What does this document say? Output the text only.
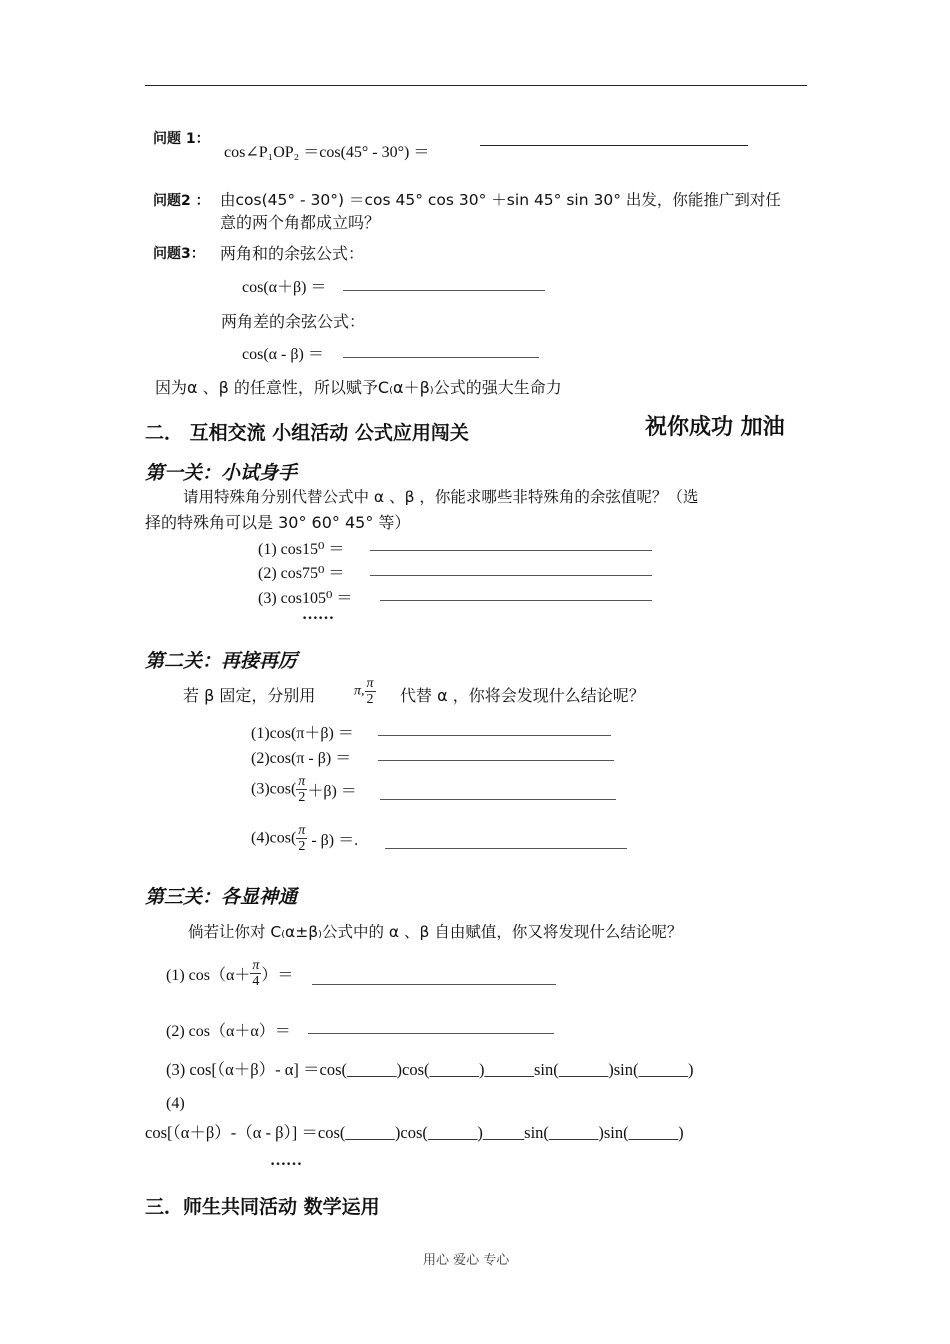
问题 1：
cos∠P₁OP₂ ＝cos(45° - 30°) ＝
问题2 ： 由cos(45° - 30°) ＝cos 45° cos 30° ＋sin 45° sin 30° 出发，你能推广到对任
意的两个角都成立吗？
问题3： 两角和的余弦公式：
cos(α＋β) ＝
两角差的余弦公式：
cos(α - β) ＝
因为α 、β 的任意性，所以赋予C₍α＋β₎公式的强大生命力
二． 互相交流 小组活动 公式应用闯关	祝你成功 加油
第一关：小试身手
请用特殊角分别代替公式中 α 、β ，你能求哪些非特殊角的余弦值呢？（选
择的特殊角可以是 30° 60° 45° 等）
(1) cos15⁰ ＝
(2) cos75⁰ ＝
(3) cos105⁰ ＝
……
第二关：再接再厉
若 β 固定，分别用	π, $\frac{\pi}{2}$ 代替 α ，你将会发现什么结论呢？
(1)cos(π＋β) ＝
(2)cos(π - β) ＝
$(3)\cos( \frac{\pi}{2} +\beta)$ ＝
$(4)\cos( \frac{\pi}{2} - \beta)$ ＝.
第三关：各显神通
倘若让你对 C₍α±β₎公式中的 α 、β 自由赋值，你又将发现什么结论呢？
(1) $\cos(\alpha+ \frac{\pi}{4}$ ）＝
(2) cos（α＋α）＝
(3) cos[（α＋β）- α] ＝cos(______)cos(______)______sin(______)sin(______)
(4)
cos[（α＋β）-（α - β）] ＝cos(______)cos(______)_____sin(______)sin(______)
……
三．师生共同活动 数学运用
用心 爱心 专心
